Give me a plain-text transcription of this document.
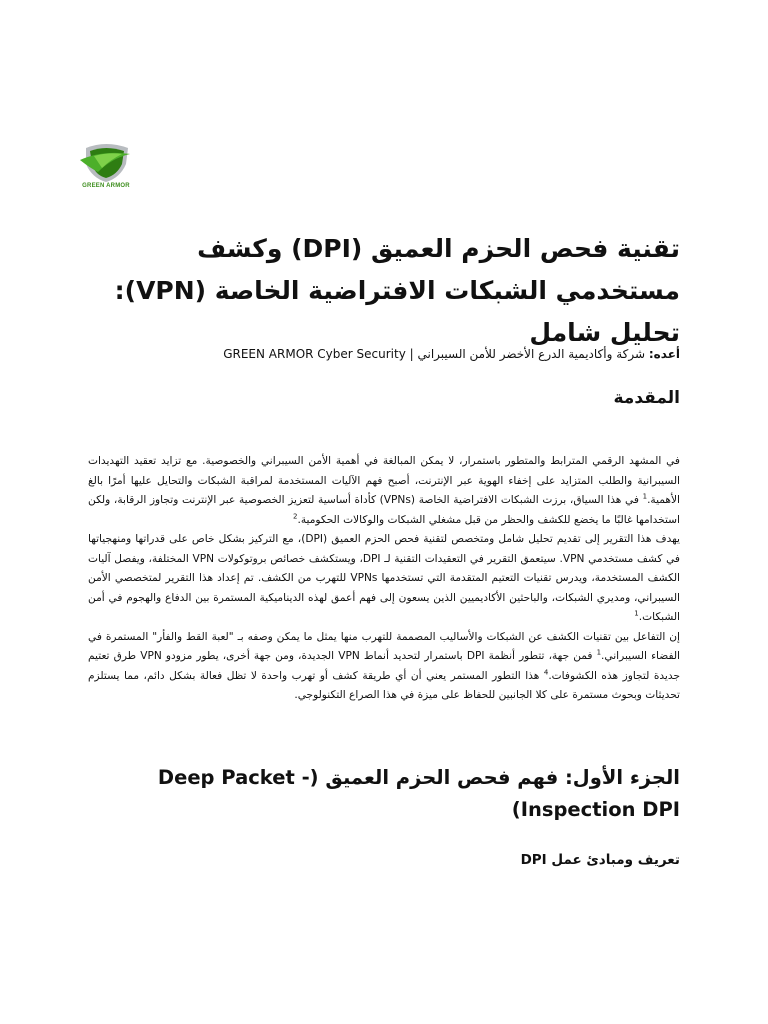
GREEN ARMOR
تقنية فحص الحزم العميق (DPI) وكشف مستخدمي الشبكات الافتراضية الخاصة (VPN): تحليل شامل

أعده: شركة وأكاديمية الدرع الأخضر للأمن السيبراني | GREEN ARMOR Cyber Security

المقدمة

في المشهد الرقمي المترابط والمتطور باستمرار، لا يمكن المبالغة في أهمية الأمن السيبراني والخصوصية. مع تزايد تعقيد التهديدات السيبرانية والطلب المتزايد على إخفاء الهوية عبر الإنترنت، أصبح فهم الآليات المستخدمة لمراقبة الشبكات والتحايل عليها أمرًا بالغ الأهمية.$^1$ في هذا السياق، برزت الشبكات الافتراضية الخاصة (VPNs) كأداة أساسية لتعزيز الخصوصية عبر الإنترنت وتجاوز الرقابة، ولكن استخدامها غالبًا ما يخضع للكشف والحظر من قبل مشغلي الشبكات والوكالات الحكومية.$^2$

يهدف هذا التقرير إلى تقديم تحليل شامل ومتخصص لتقنية فحص الحزم العميق (DPI)، مع التركيز بشكل خاص على قدراتها ومنهجياتها في كشف مستخدمي VPN. سيتعمق التقرير في التعقيدات التقنية لـ DPI، ويستكشف خصائص بروتوكولات VPN المختلفة، ويفصل آليات الكشف المستخدمة، ويدرس تقنيات التعتيم المتقدمة التي تستخدمها VPNs للتهرب من الكشف. تم إعداد هذا التقرير لمتخصصي الأمن السيبراني، ومديري الشبكات، والباحثين الأكاديميين الذين يسعون إلى فهم أعمق لهذه الديناميكية المستمرة بين الدفاع والهجوم في أمن الشبكات.$^1$

إن التفاعل بين تقنيات الكشف عن الشبكات والأساليب المصممة للتهرب منها يمثل ما يمكن وصفه بـ "لعبة القط والفأر" المستمرة في الفضاء السيبراني.$^1$ فمن جهة، تتطور أنظمة DPI باستمرار لتحديد أنماط VPN الجديدة، ومن جهة أخرى، يطور مزودو VPN طرق تعتيم جديدة لتجاوز هذه الكشوفات.$^4$ هذا التطور المستمر يعني أن أي طريقة كشف أو تهرب واحدة لا تظل فعالة بشكل دائم، مما يستلزم تحديثات وبحوث مستمرة على كلا الجانبين للحفاظ على ميزة في هذا الصراع التكنولوجي.

الجزء الأول: فهم فحص الحزم العميق (- Deep Packet Inspection DPI)
تعريف ومبادئ عمل DPI
